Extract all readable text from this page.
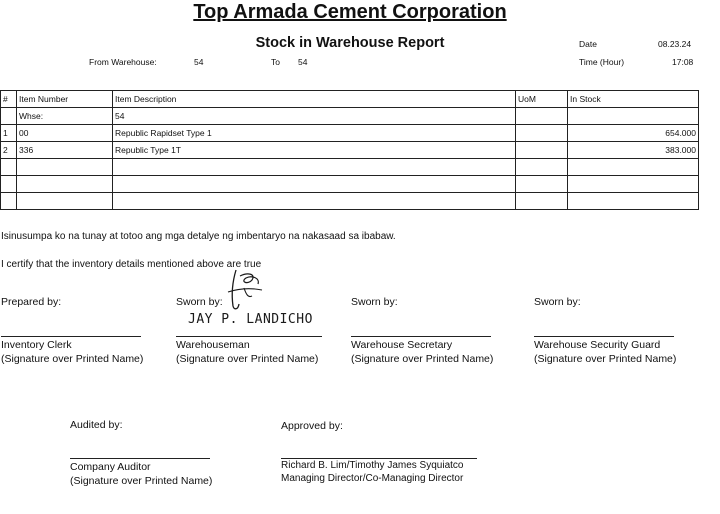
Top Armada Cement Corporation
Stock in Warehouse Report
From Warehouse:	54	To 54
Date	08.23.24
Time (Hour)	17:08
#	Item Number	Item Description	UoM	In Stock
	Whse:	54		
1	00	Republic Rapidset Type 1		654.000
2	336	Republic Type 1T		383.000

Isinusumpa ko na tunay at totoo ang mga detalye ng imbentaryo na nakasaad sa ibabaw.
I certify that the inventory details mentioned above are true
Prepared by:
Inventory Clerk
(Signature over Printed Name)
Sworn by:
JAY P. LANDICHO
Warehouseman
(Signature over Printed Name)
Sworn by:
Warehouse Secretary
(Signature over Printed Name)
Sworn by:
Warehouse Security Guard
(Signature over Printed Name)
Audited by:
Company Auditor
(Signature over Printed Name)
Approved by:
Richard B. Lim/Timothy James Syquiatco
Managing Director/Co-Managing Director
